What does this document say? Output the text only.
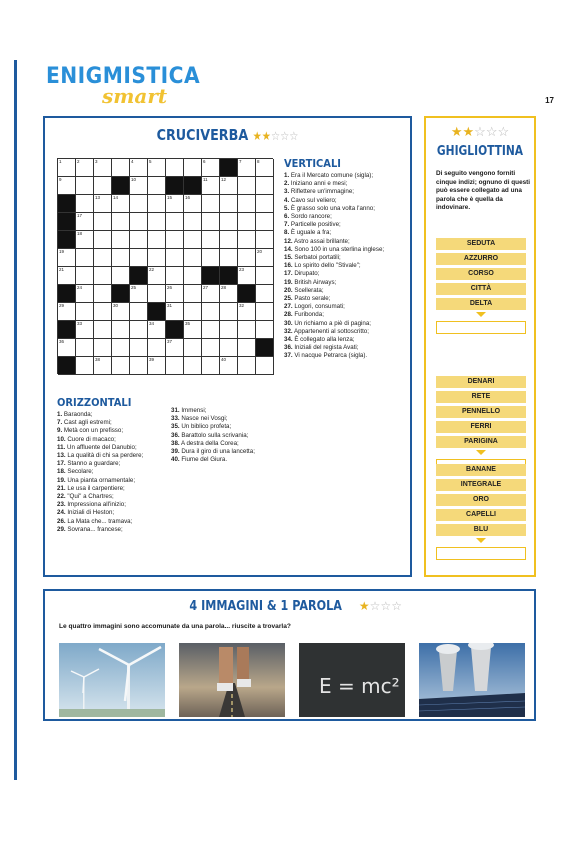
ENIGMISTICA
smart	17
CRUCIVERBA ★★☆☆☆
1	2	3	4	5	6	7	8
9	10	11	12
13	14	15	16
17
18
19	20
21	22	23
24	25	26	27	28
29	30	31	32
33	34	35
36	37
38	39	40
VERTICALI
1. Era il Mercato comune (sigla);
2. Iniziano anni e mesi;
3. Riflettere un'immagine;
4. Cavo sul veliero;
5. È grasso solo una volta l'anno;
6. Sordo rancore;
7. Particelle positive;
8. È uguale a fra;
12. Astro assai brillante;
14. Sono 100 in una sterlina inglese;
15. Serbatoi portatili;
16. Lo spirito dello "Stivale";
17. Dirupato;
19. British Airways;
20. Scellerata;
25. Pasto serale;
27. Logori, consumati;
28. Furibonda;
30. Un richiamo a piè di pagina;
32. Appartenenti al sottoscritto;
34. È collegato alla lenza;
36. Iniziali del regista Avati;
37. Vi nacque Petrarca (sigla).
ORIZZONTALI
1. Baraonda;
7. Cast agli estremi;
9. Metà con un prefisso;
10. Cuore di macaco;
11. Un affluente del Danubio;
13. La qualità di chi sa perdere;
17. Stanno a guardare;
18. Secolare;
19. Una pianta ornamentale;
21. Le usa il carpentiere;
22. "Qui" a Chartres;
23. Impressiona all'inizio;
24. Iniziali di Heston;
26. La Mata che... tramava;
29. Sovrana... francese;
31. Immensi;
33. Nasce nei Vosgi;
35. Un biblico profeta;
36. Barattolo sulla scrivania;
38. A destra della Corea;
39. Dura il giro di una lancetta;
40. Fiume del Giura.
★★☆☆☆
GHIGLIOTTINA
Di seguito vengono forniti cinque indizi; ognuno di questi può essere collegato ad una parola che è quella da indovinare.
SEDUTA
AZZURRO
CORSO
CITTÀ
DELTA
DENARI
RETE
PENNELLO
FERRI
PARIGINA
BANANE
INTEGRALE
ORO
CAPELLI
BLU
4 IMMAGINI & 1 PAROLA ★☆☆☆
Le quattro immagini sono accomunate da una parola... riuscite a trovarla?
E = mc²
